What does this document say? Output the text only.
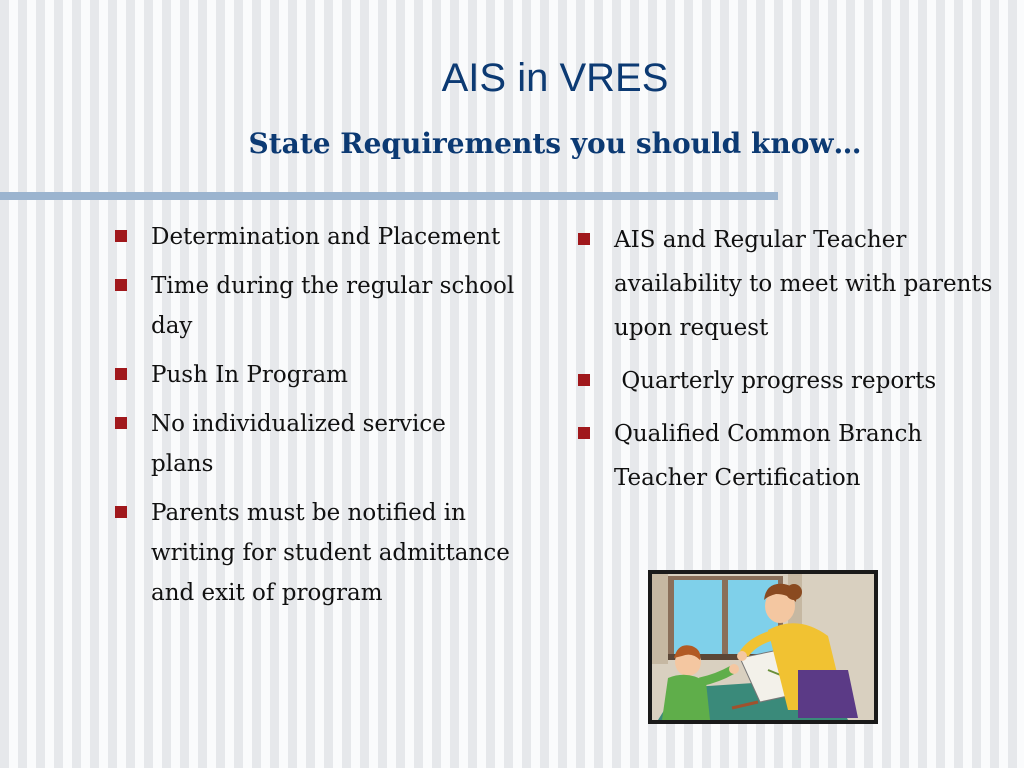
AIS in VRES
State Requirements you should know…
Determination and Placement
Time during the regular school day
Push In Program
No individualized service plans
Parents must be notified in writing for student admittance and exit of program
AIS and Regular Teacher availability to meet with parents upon request
Quarterly progress reports
Qualified Common Branch Teacher Certification
